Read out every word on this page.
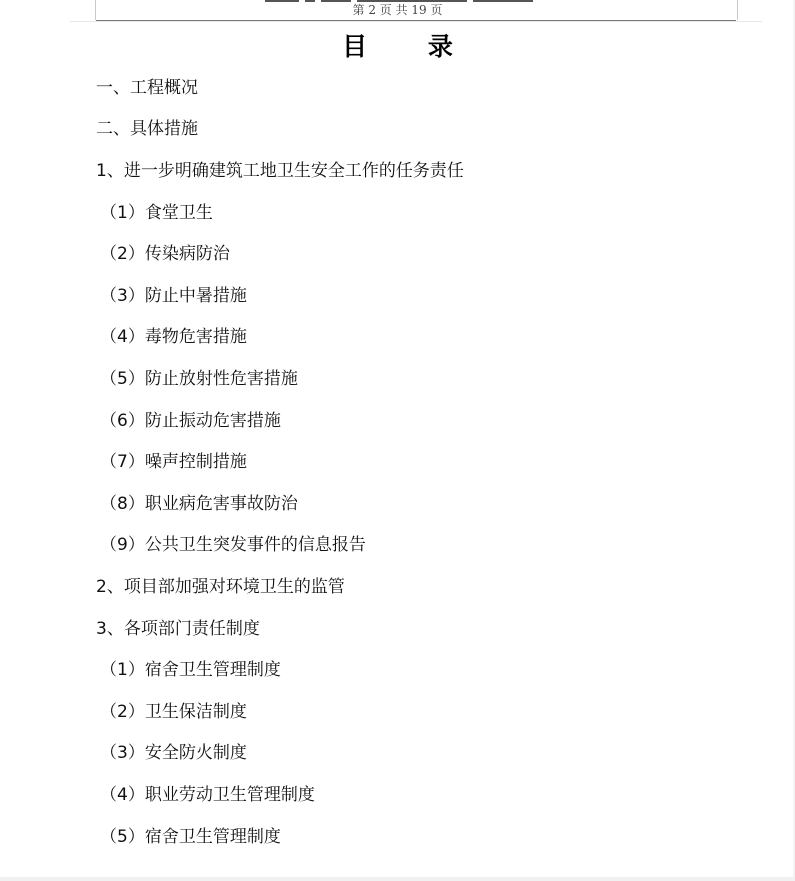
第 2 页 共 19 页
目 录
一、工程概况
二、具体措施
1、进一步明确建筑工地卫生安全工作的任务责任
（1）食堂卫生
（2）传染病防治
（3）防止中暑措施
（4）毒物危害措施
（5）防止放射性危害措施
（6）防止振动危害措施
（7）噪声控制措施
（8）职业病危害事故防治
（9）公共卫生突发事件的信息报告
2、项目部加强对环境卫生的监管
3、各项部门责任制度
（1）宿舍卫生管理制度
（2）卫生保洁制度
（3）安全防火制度
（4）职业劳动卫生管理制度
（5）宿舍卫生管理制度
